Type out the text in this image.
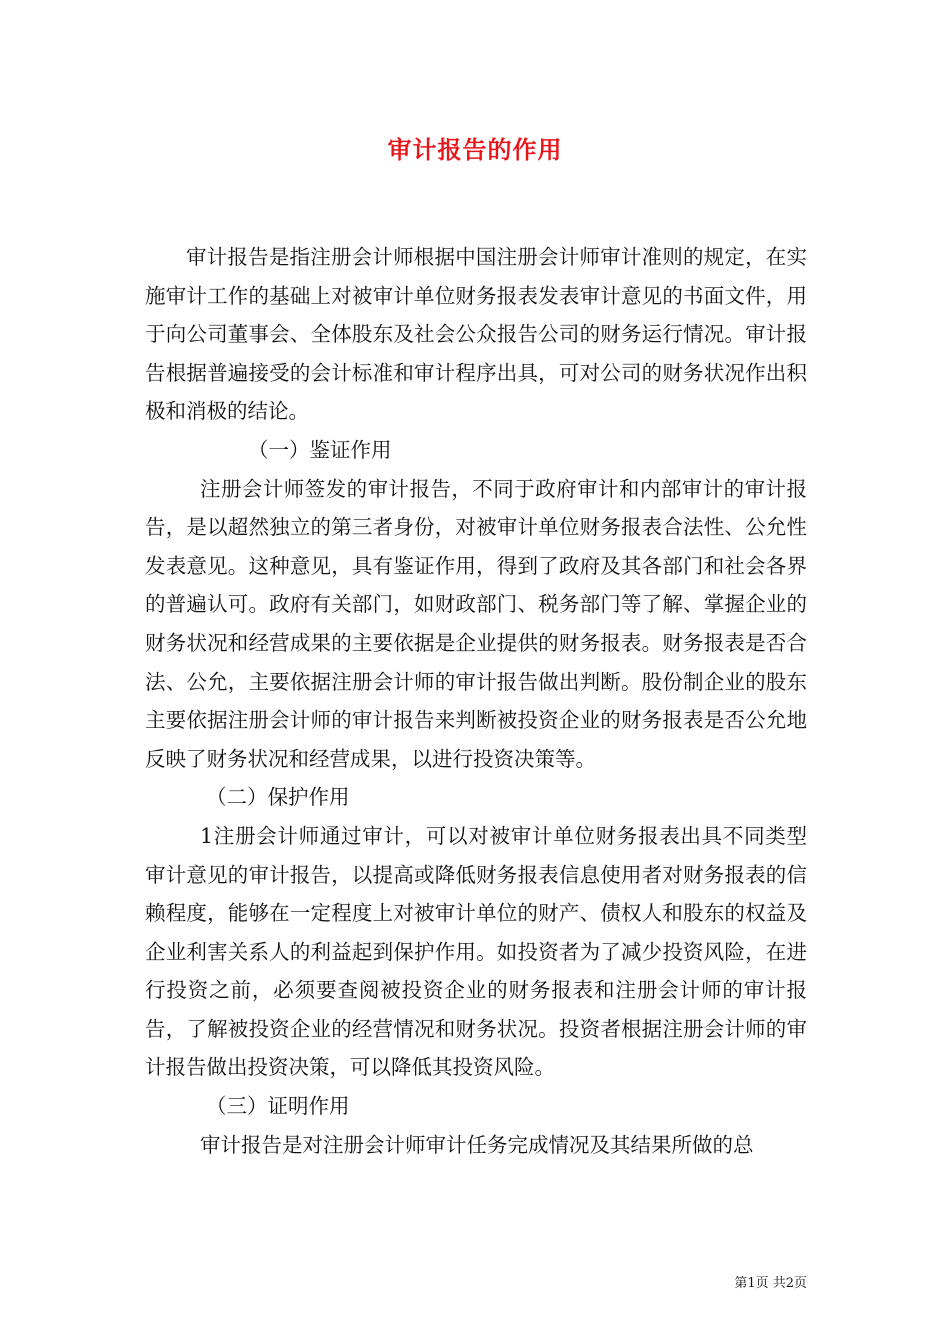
审计报告的作用

审计报告是指注册会计师根据中国注册会计师审计准则的规定，在实施审计工作的基础上对被审计单位财务报表发表审计意见的书面文件，用于向公司董事会、全体股东及社会公众报告公司的财务运行情况。审计报告根据普遍接受的会计标准和审计程序出具，可对公司的财务状况作出积极和消极的结论。

（一）鉴证作用

注册会计师签发的审计报告，不同于政府审计和内部审计的审计报告，是以超然独立的第三者身份，对被审计单位财务报表合法性、公允性发表意见。这种意见，具有鉴证作用，得到了政府及其各部门和社会各界的普遍认可。政府有关部门，如财政部门、税务部门等了解、掌握企业的财务状况和经营成果的主要依据是企业提供的财务报表。财务报表是否合法、公允，主要依据注册会计师的审计报告做出判断。股份制企业的股东主要依据注册会计师的审计报告来判断被投资企业的财务报表是否公允地反映了财务状况和经营成果，以进行投资决策等。

（二）保护作用

1注册会计师通过审计，可以对被审计单位财务报表出具不同类型审计意见的审计报告，以提高或降低财务报表信息使用者对财务报表的信赖程度，能够在一定程度上对被审计单位的财产、债权人和股东的权益及企业利害关系人的利益起到保护作用。如投资者为了减少投资风险，在进行投资之前，必须要查阅被投资企业的财务报表和注册会计师的审计报告，了解被投资企业的经营情况和财务状况。投资者根据注册会计师的审计报告做出投资决策，可以降低其投资风险。

（三）证明作用

审计报告是对注册会计师审计任务完成情况及其结果所做的总

第1页 共2页
